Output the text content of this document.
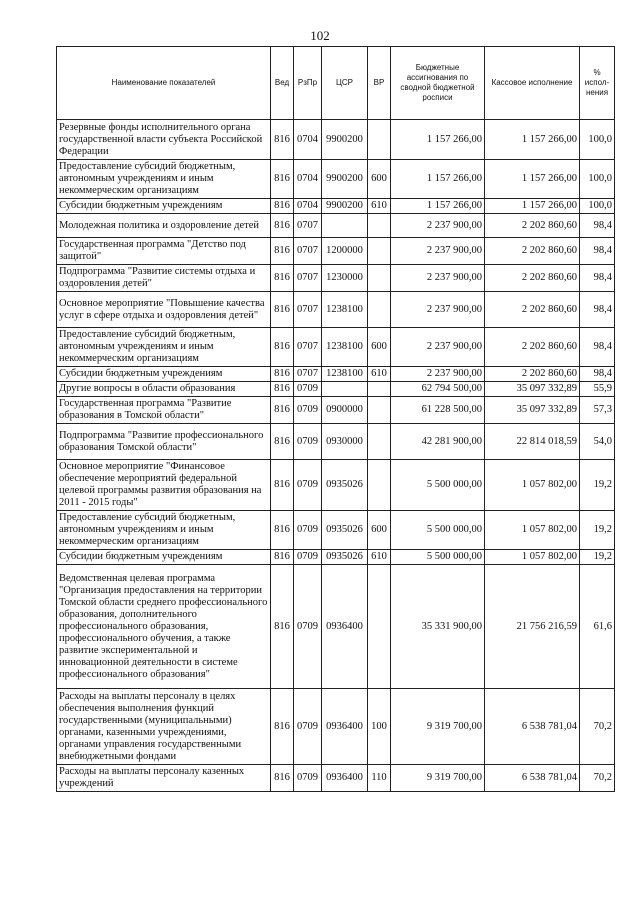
102
Наименование показателей	Вед	РзПр	ЦСР	ВР	Бюджетные ассигнования по сводной бюджетной росписи	Кассовое исполнение	% испол-нения
Резервные фонды исполнительного органа государственной власти субъекта Российской Федерации	816	0704	9900200		1 157 266,00	1 157 266,00	100,0
Предоставление субсидий бюджетным, автономным учреждениям и иным некоммерческим организациям	816	0704	9900200	600	1 157 266,00	1 157 266,00	100,0
Субсидии бюджетным учреждениям	816	0704	9900200	610	1 157 266,00	1 157 266,00	100,0
Молодежная политика и оздоровление детей	816	0707			2 237 900,00	2 202 860,60	98,4
Государственная программа "Детство под защитой"	816	0707	1200000		2 237 900,00	2 202 860,60	98,4
Подпрограмма "Развитие системы отдыха и оздоровления детей"	816	0707	1230000		2 237 900,00	2 202 860,60	98,4
Основное мероприятие "Повышение качества услуг в сфере отдыха и оздоровления детей"	816	0707	1238100		2 237 900,00	2 202 860,60	98,4
Предоставление субсидий бюджетным, автономным учреждениям и иным некоммерческим организациям	816	0707	1238100	600	2 237 900,00	2 202 860,60	98,4
Субсидии бюджетным учреждениям	816	0707	1238100	610	2 237 900,00	2 202 860,60	98,4
Другие вопросы в области образования	816	0709			62 794 500,00	35 097 332,89	55,9
Государственная программа "Развитие образования в Томской области"	816	0709	0900000		61 228 500,00	35 097 332,89	57,3
Подпрограмма "Развитие профессионального образования Томской области"	816	0709	0930000		42 281 900,00	22 814 018,59	54,0
Основное мероприятие "Финансовое обеспечение мероприятий федеральной целевой программы развития образования на 2011 - 2015 годы"	816	0709	0935026		5 500 000,00	1 057 802,00	19,2
Предоставление субсидий бюджетным, автономным учреждениям и иным некоммерческим организациям	816	0709	0935026	600	5 500 000,00	1 057 802,00	19,2
Субсидии бюджетным учреждениям	816	0709	0935026	610	5 500 000,00	1 057 802,00	19,2
Ведомственная целевая программа "Организация предоставления на территории Томской области среднего профессионального образования, дополнительного профессионального образования, профессионального обучения, а также развитие экспериментальной и инновационной деятельности в системе профессионального образования"	816	0709	0936400		35 331 900,00	21 756 216,59	61,6
Расходы на выплаты персоналу в целях обеспечения выполнения функций государственными (муниципальными) органами, казенными учреждениями, органами управления государственными внебюджетными фондами	816	0709	0936400	100	9 319 700,00	6 538 781,04	70,2
Расходы на выплаты персоналу казенных учреждений	816	0709	0936400	110	9 319 700,00	6 538 781,04	70,2
